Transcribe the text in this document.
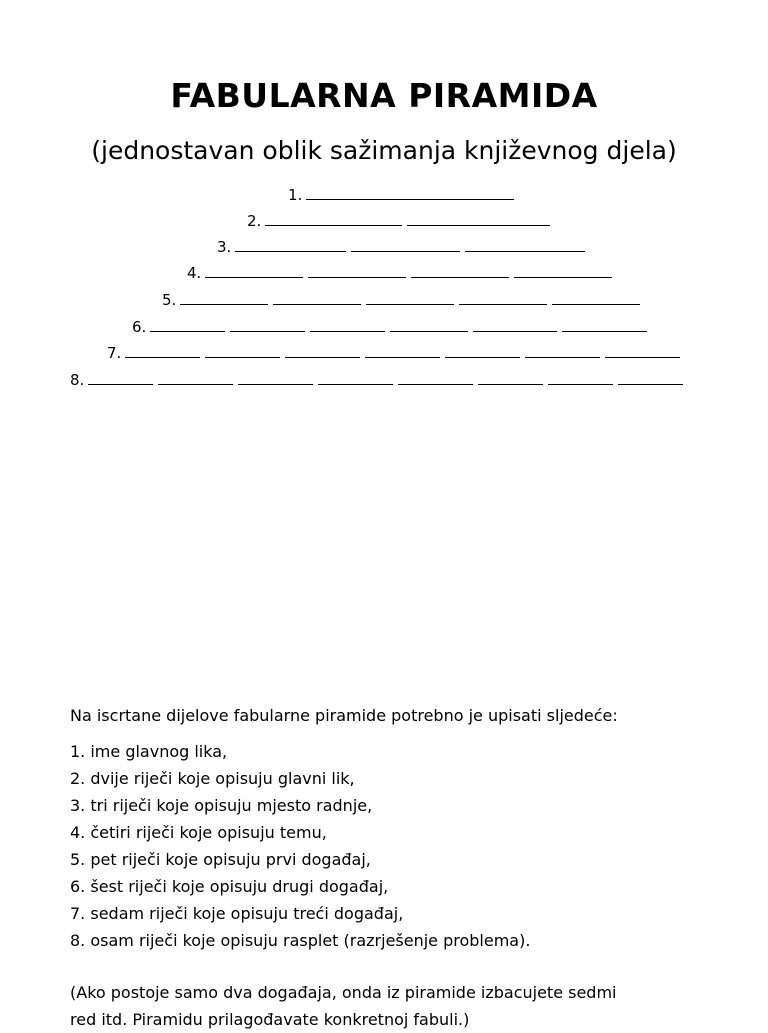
FABULARNA PIRAMIDA
(jednostavan oblik sažimanja književnog djela)
1.
2.
3.
4.
5.
6.
7.
8.

Na iscrtane dijelove fabularne piramide potrebno je upisati sljedeće:

1. ime glavnog lika,
2. dvije riječi koje opisuju glavni lik,
3. tri riječi koje opisuju mjesto radnje,
4. četiri riječi koje opisuju temu,
5. pet riječi koje opisuju prvi događaj,
6. šest riječi koje opisuju drugi događaj,
7. sedam riječi koje opisuju treći događaj,
8. osam riječi koje opisuju rasplet (razrješenje problema).
(Ako postoje samo dva događaja, onda iz piramide izbacujete sedmi
red itd. Piramidu prilagođavate konkretnoj fabuli.)
